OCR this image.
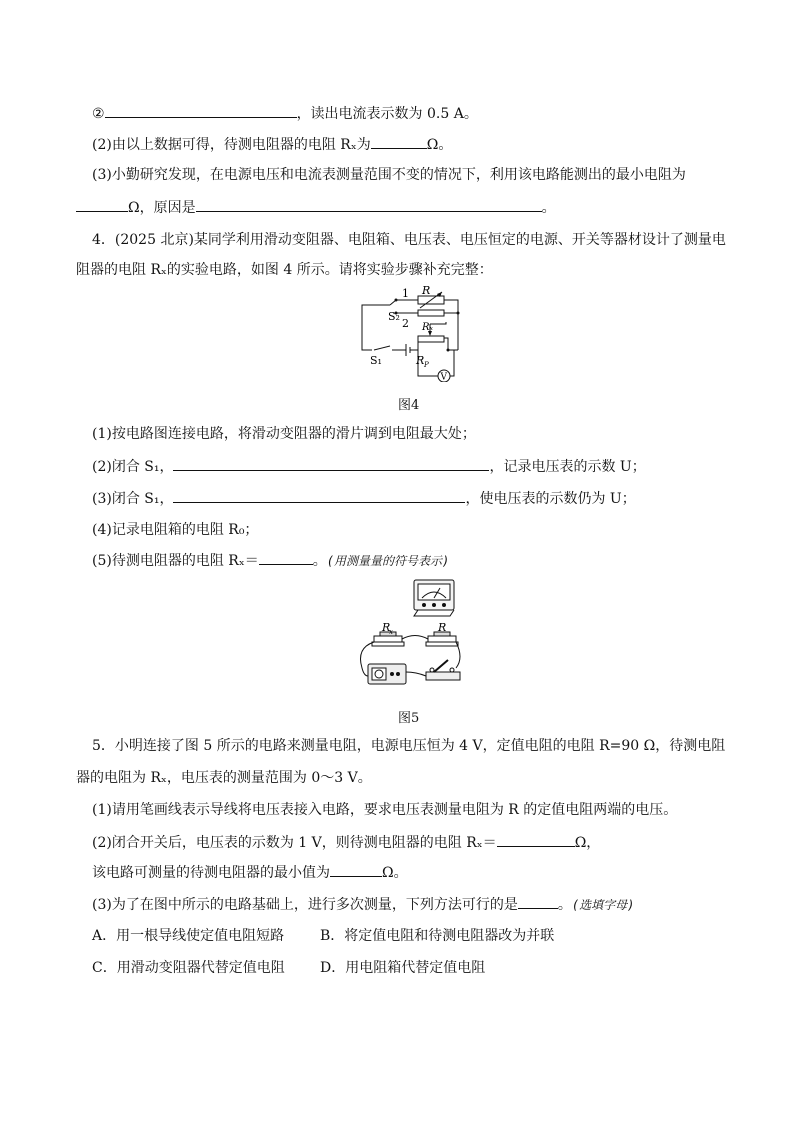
②	，读出电流表示数为 0.5 A。
(2)由以上数据可得，待测电阻器的电阻 Rₓ为	Ω。
(3)小勤研究发现，在电源电压和电流表测量范围不变的情况下，利用该电路能测出的最小电阻为
Ω，原因是	。
4．(2025 北京)某同学利用滑动变阻器、电阻箱、电压表、电压恒定的电源、开关等器材设计了测量电
阻器的电阻 Rₓ的实验电路，如图 4 所示。请将实验步骤补充完整：
1 R
S₂
2 Rₓ
S₁	R P
V
图4
(1)按电路图连接电路，将滑动变阻器的滑片调到电阻最大处；
(2)闭合 S₁，	，记录电压表的示数 U；
(3)闭合 S₁，	，使电压表的示数仍为 U；
(4)记录电阻箱的电阻 R₀；
(5)待测电阻器的电阻 Rₓ＝	。(用测量量的符号表示)
R
x	R
图5
5．小明连接了图 5 所示的电路来测量电阻，电源电压恒为 4 V，定值电阻的电阻 R=90 Ω，待测电阻
器的电阻为 Rₓ，电压表的测量范围为 0～3 V。
(1)请用笔画线表示导线将电压表接入电路，要求电压表测量电阻为 R 的定值电阻两端的电压。
(2)闭合开关后，电压表的示数为 1 V，则待测电阻器的电阻 Rₓ＝	Ω，
该电路可测量的待测电阻器的最小值为	Ω。
(3)为了在图中所示的电路基础上，进行多次测量，下列方法可行的是	。(选填字母)
A．用一根导线使定值电阻短路	B．将定值电阻和待测电阻器改为并联
C．用滑动变阻器代替定值电阻	D．用电阻箱代替定值电阻
